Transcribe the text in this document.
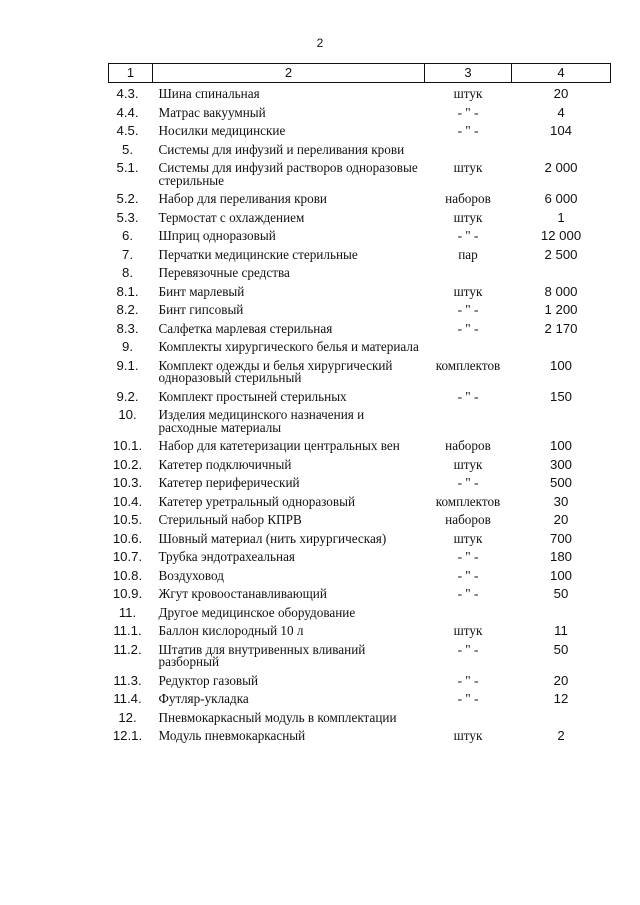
2
1	2	3	4
4.3.	Шина спинальная	штук	20
4.4.	Матрас вакуумный	- " -	4
4.5.	Носилки медицинские	- " -	104
5.	Системы для инфузий и переливания крови		
5.1.	Системы для инфузий растворов одноразовые стерильные	штук	2 000
5.2.	Набор для переливания крови	наборов	6 000
5.3.	Термостат с охлаждением	штук	1
6.	Шприц одноразовый	- " -	12 000
7.	Перчатки медицинские стерильные	пар	2 500
8.	Перевязочные средства		
8.1.	Бинт марлевый	штук	8 000
8.2.	Бинт гипсовый	- " -	1 200
8.3.	Салфетка марлевая стерильная	- " -	2 170
9.	Комплекты хирургического белья и материала		
9.1.	Комплект одежды и белья хирургический одноразовый стерильный	комплектов	100
9.2.	Комплект простыней стерильных	- " -	150
10.	Изделия медицинского назначения и расходные материалы		
10.1.	Набор для катетеризации центральных вен	наборов	100
10.2.	Катетер подключичный	штук	300
10.3.	Катетер периферический	- " -	500
10.4.	Катетер уретральный одноразовый	комплектов	30
10.5.	Стерильный набор КПРВ	наборов	20
10.6.	Шовный материал (нить хирургическая)	штук	700
10.7.	Трубка эндотрахеальная	- " -	180
10.8.	Воздуховод	- " -	100
10.9.	Жгут кровоостанавливающий	- " -	50
11.	Другое медицинское оборудование		
11.1.	Баллон кислородный 10 л	штук	11
11.2.	Штатив для внутривенных вливаний разборный	- " -	50
11.3.	Редуктор газовый	- " -	20
11.4.	Футляр-укладка	- " -	12
12.	Пневмокаркасный модуль в комплектации		
12.1.	Модуль пневмокаркасный	штук	2
